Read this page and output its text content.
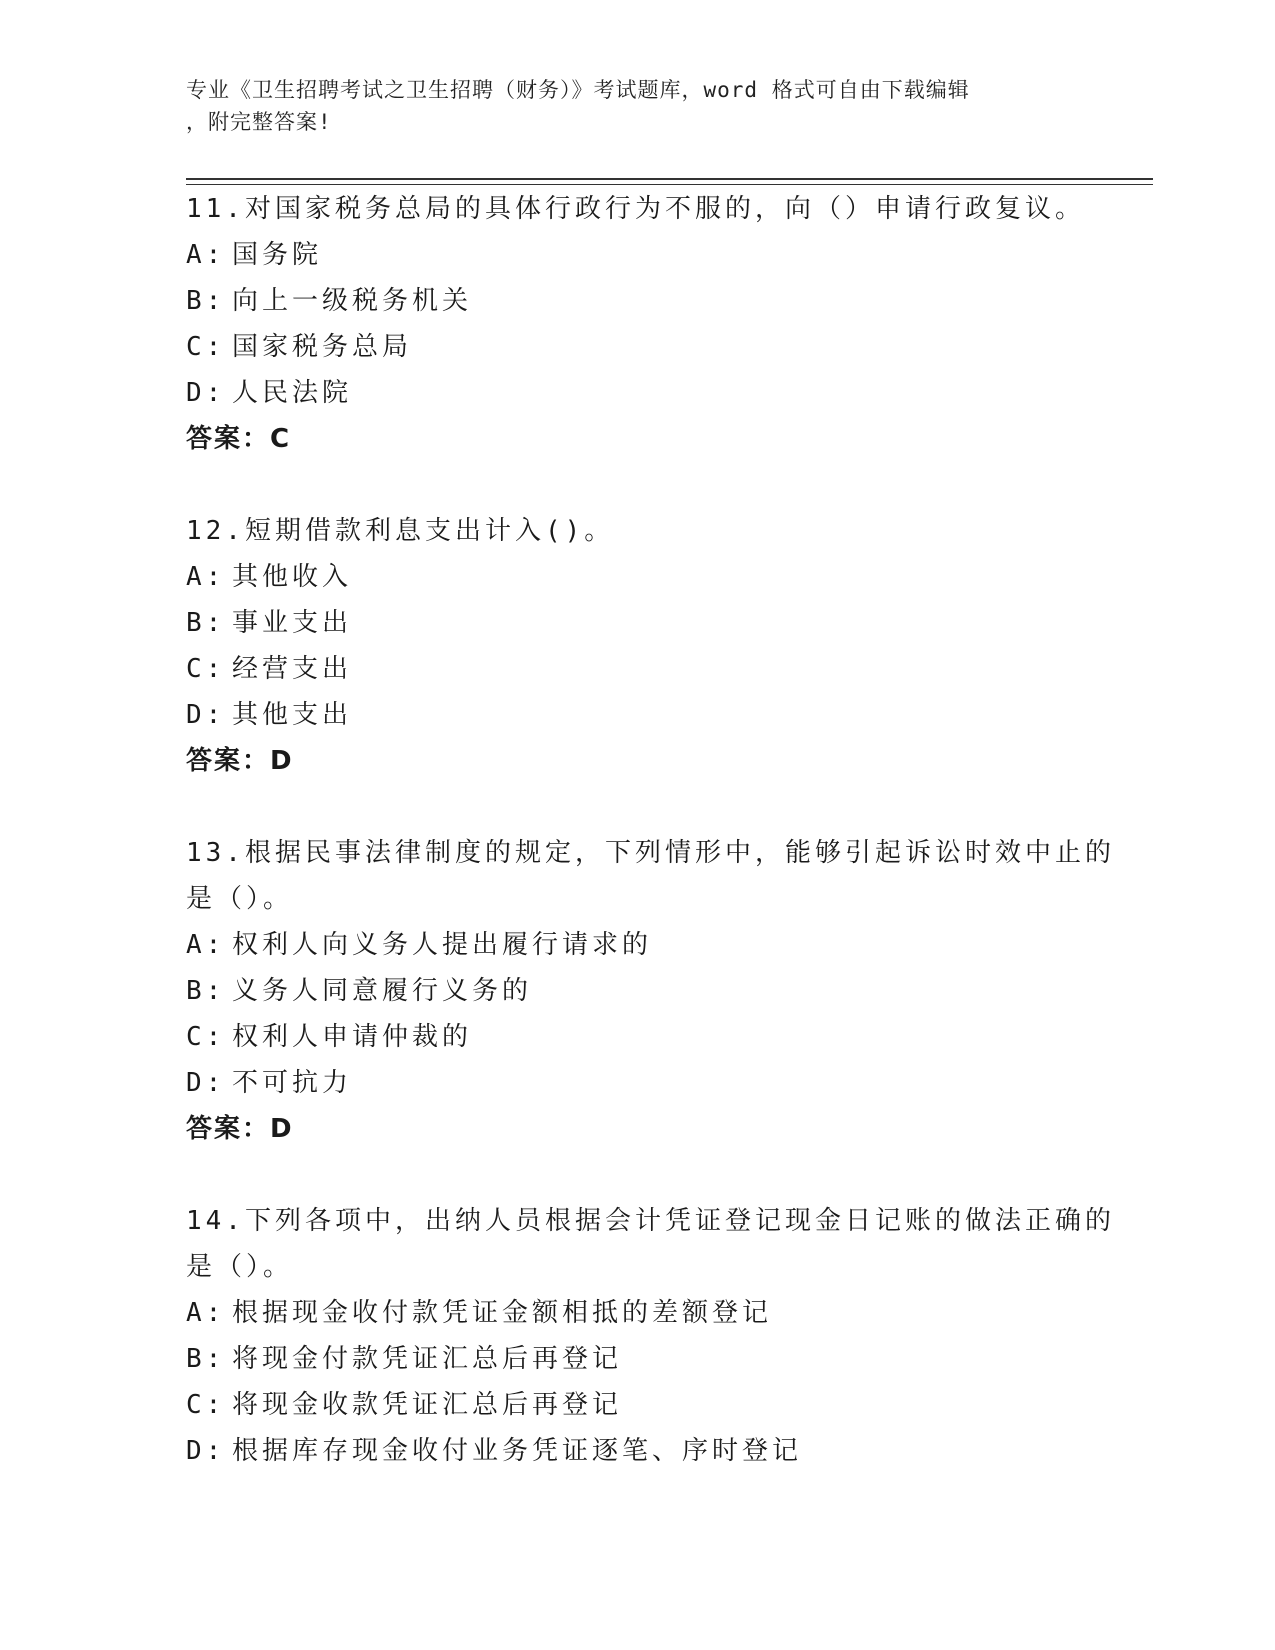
专业《卫生招聘考试之卫生招聘（财务）》考试题库，word 格式可自由下载编辑
，附完整答案!
11.对国家税务总局的具体行政行为不服的，向（）申请行政复议。
A: 国务院
B: 向上一级税务机关
C: 国家税务总局
D: 人民法院
答案：C
12.短期借款利息支出计入()。
A: 其他收入
B: 事业支出
C: 经营支出
D: 其他支出
答案：D
13.根据民事法律制度的规定，下列情形中，能够引起诉讼时效中止的
是（）。
A: 权利人向义务人提出履行请求的
B: 义务人同意履行义务的
C: 权利人申请仲裁的
D: 不可抗力
答案：D
14.下列各项中，出纳人员根据会计凭证登记现金日记账的做法正确的
是（）。
A: 根据现金收付款凭证金额相抵的差额登记
B: 将现金付款凭证汇总后再登记
C: 将现金收款凭证汇总后再登记
D: 根据库存现金收付业务凭证逐笔、序时登记
